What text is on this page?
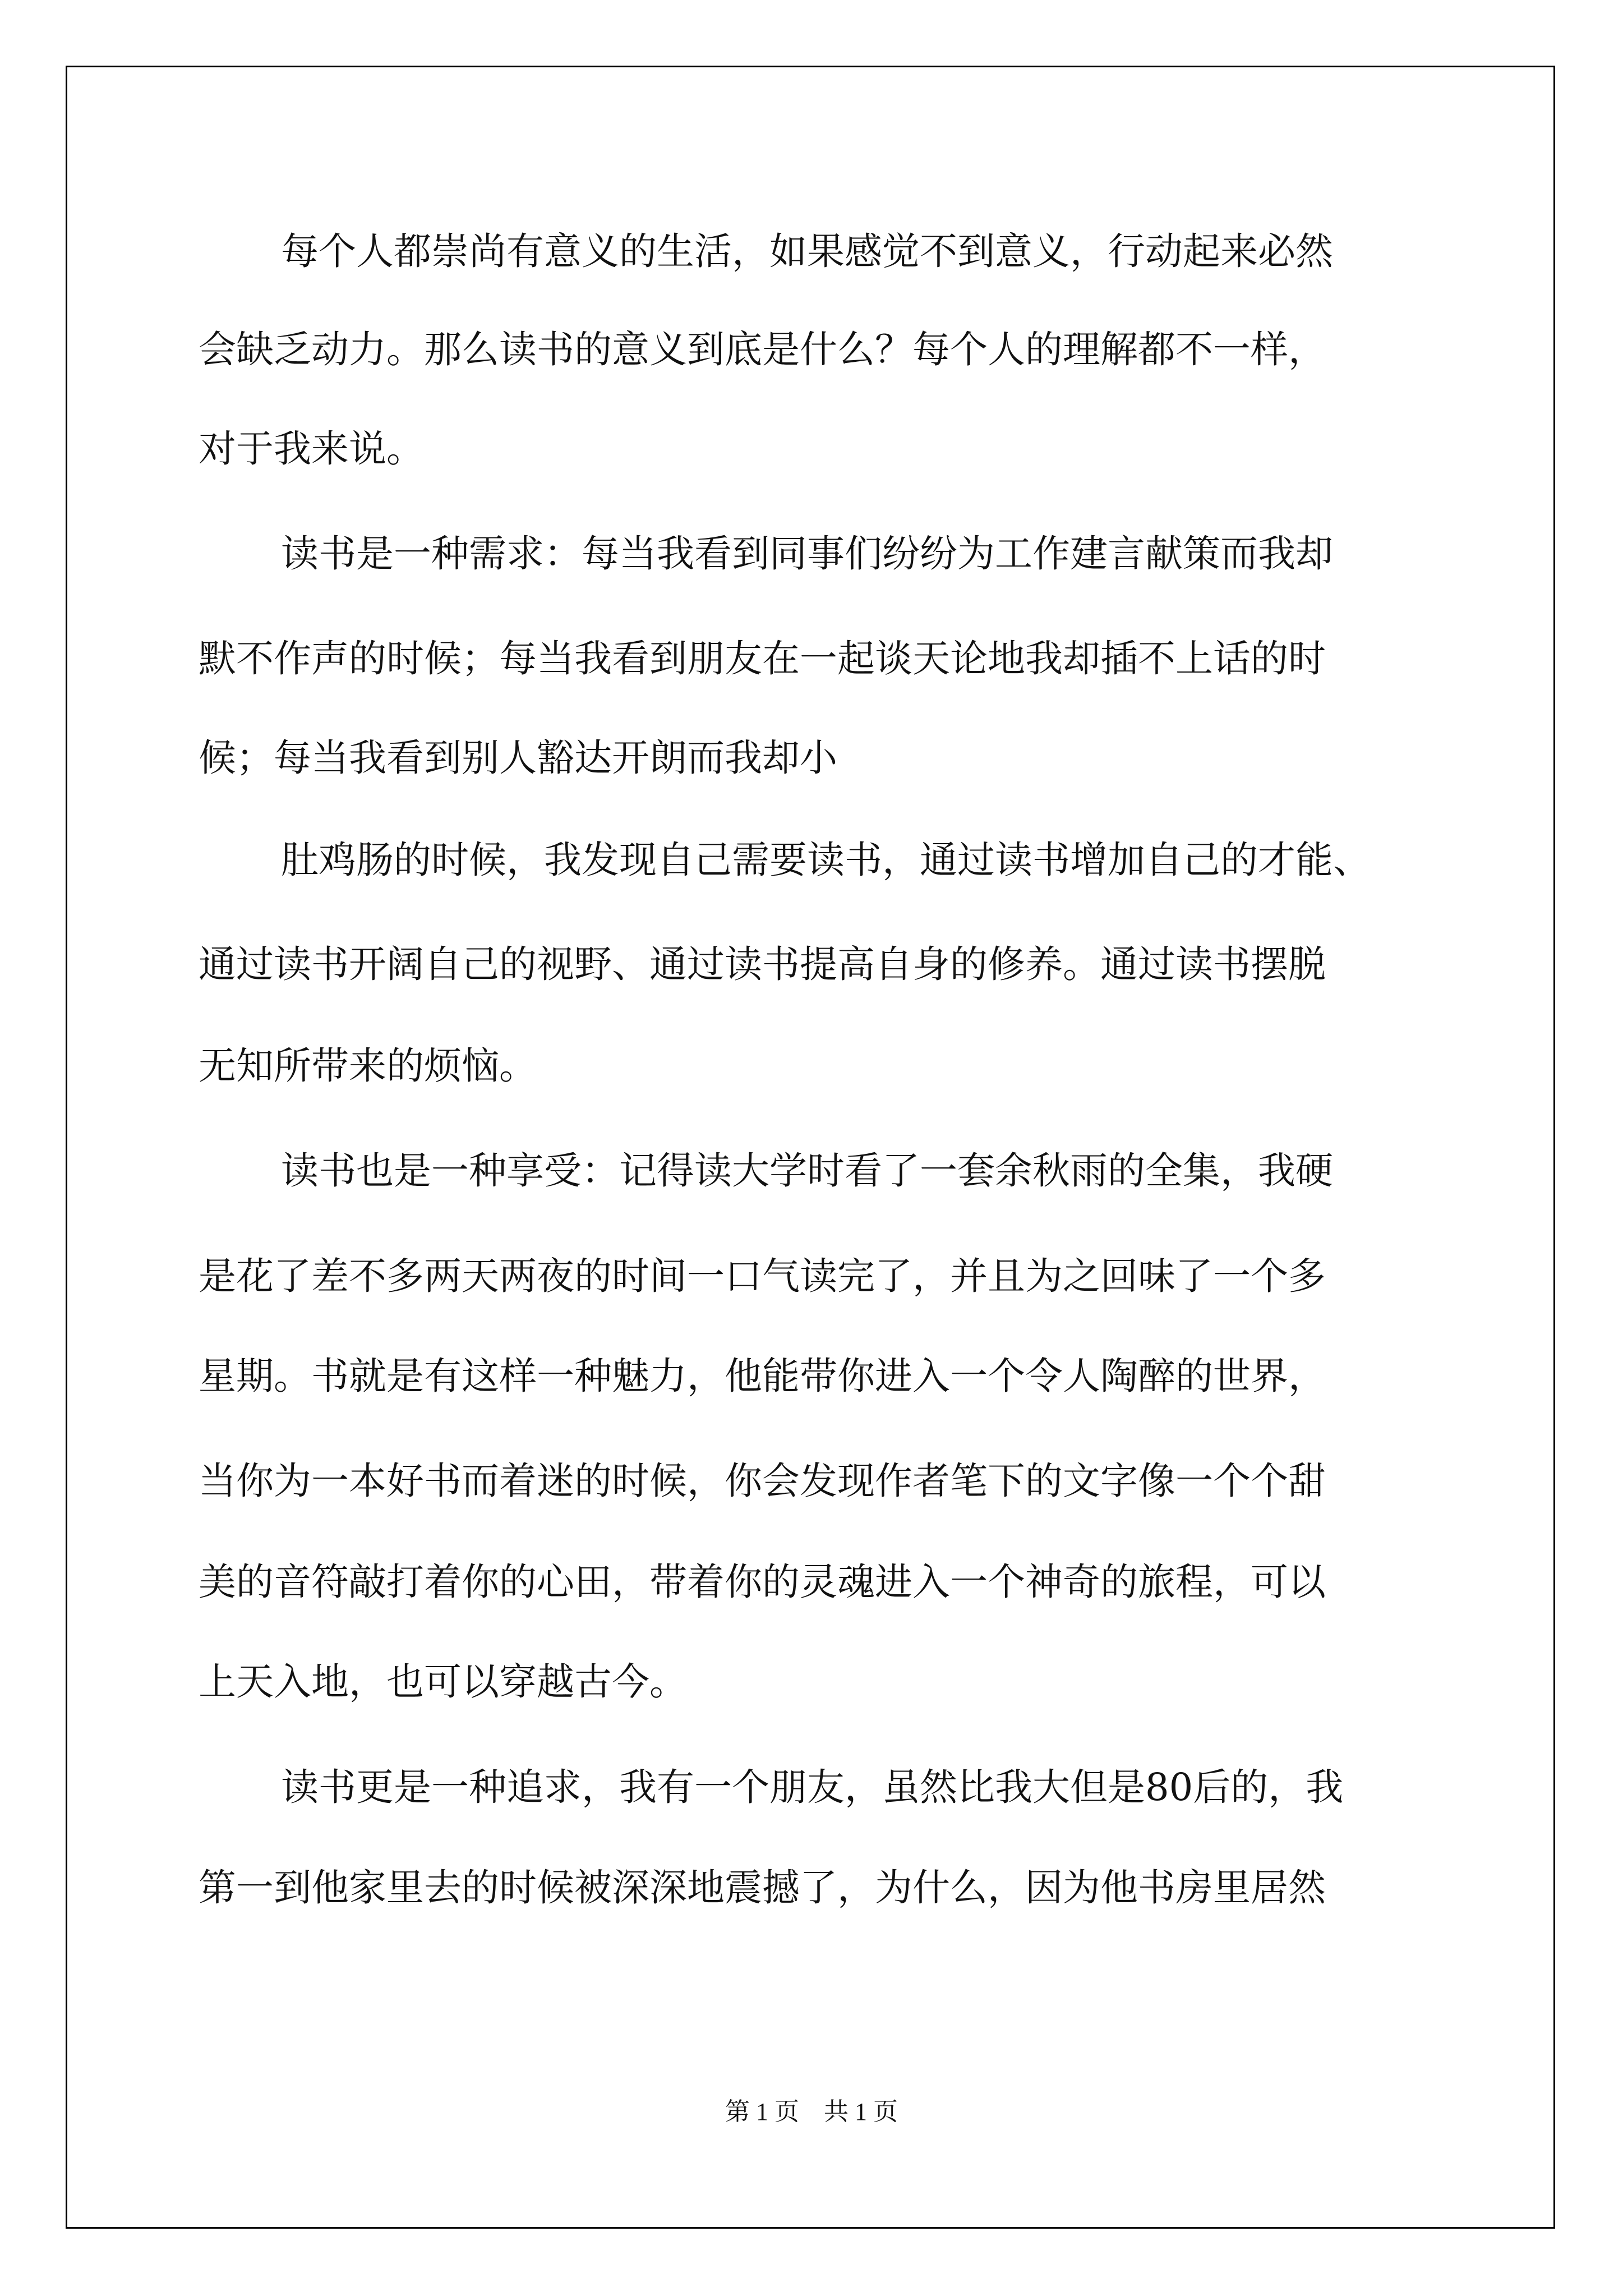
每个人都崇尚有意义的生活，如果感觉不到意义，行动起来必然
会缺乏动力。那么读书的意义到底是什么？每个人的理解都不一样，
对于我来说。
读书是一种需求：每当我看到同事们纷纷为工作建言献策而我却
默不作声的时候；每当我看到朋友在一起谈天论地我却插不上话的时
候；每当我看到别人豁达开朗而我却小
肚鸡肠的时候，我发现自己需要读书，通过读书增加自己的才能、
通过读书开阔自己的视野、通过读书提高自身的修养。通过读书摆脱
无知所带来的烦恼。
读书也是一种享受：记得读大学时看了一套余秋雨的全集，我硬
是花了差不多两天两夜的时间一口气读完了，并且为之回味了一个多
星期。书就是有这样一种魅力，他能带你进入一个令人陶醉的世界，
当你为一本好书而着迷的时候，你会发现作者笔下的文字像一个个甜
美的音符敲打着你的心田，带着你的灵魂进入一个神奇的旅程，可以
上天入地，也可以穿越古今。
读书更是一种追求，我有一个朋友，虽然比我大但是80后的，我
第一到他家里去的时候被深深地震撼了，为什么，因为他书房里居然
第 1 页 共 1 页
